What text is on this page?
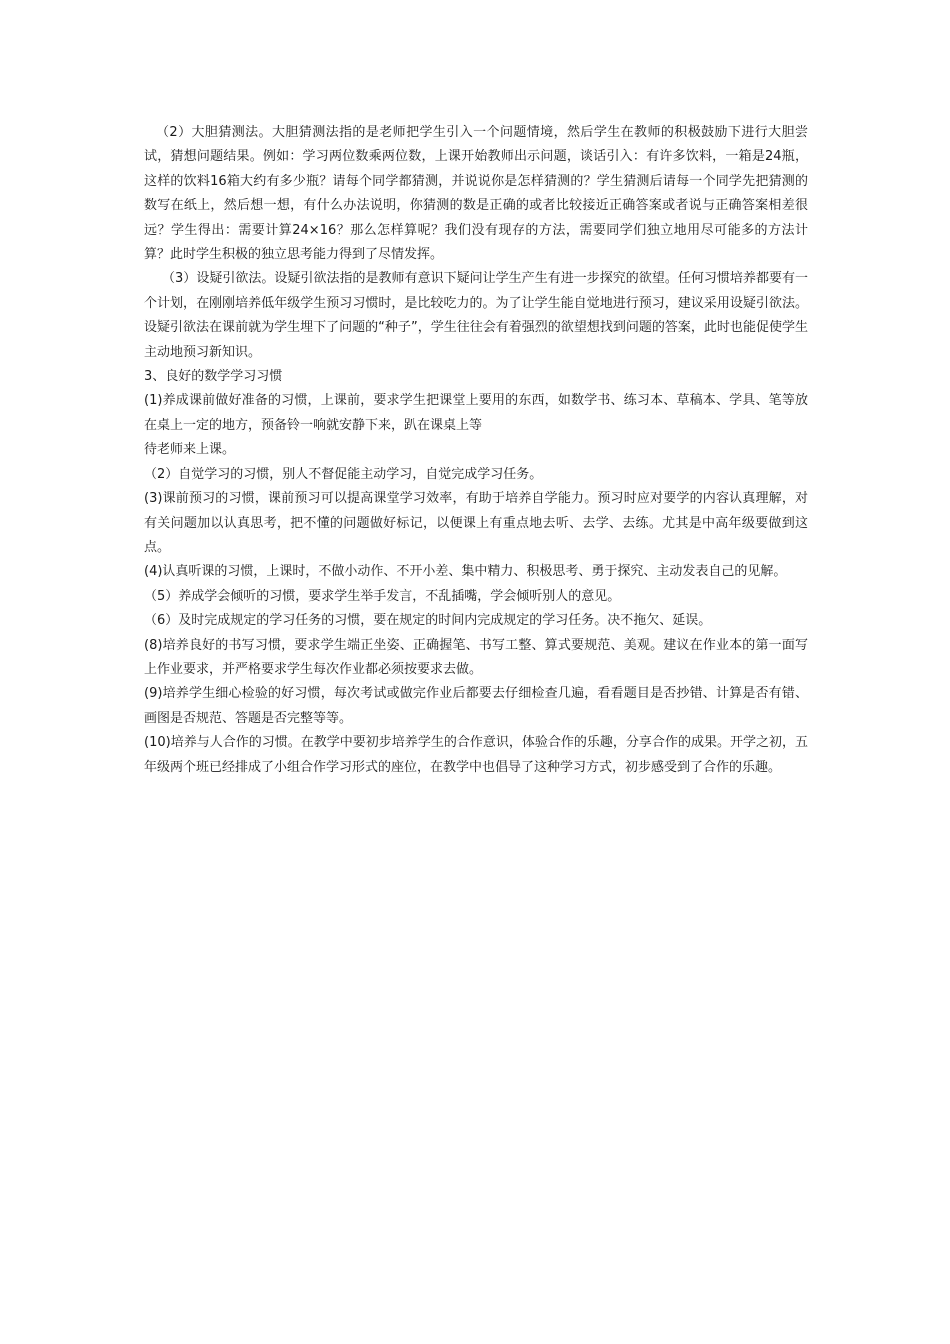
（2）大胆猜测法。大胆猜测法指的是老师把学生引入一个问题情境，然后学生在教师的积极鼓励下进行大胆尝试，猜想问题结果。例如：学习两位数乘两位数，上课开始教师出示问题，谈话引入：有许多饮料，一箱是24瓶，这样的饮料16箱大约有多少瓶？请每个同学都猜测，并说说你是怎样猜测的？学生猜测后请每一个同学先把猜测的数写在纸上，然后想一想，有什么办法说明，你猜测的数是正确的或者比较接近正确答案或者说与正确答案相差很远？学生得出：需要计算24×16？那么怎样算呢？我们没有现存的方法，需要同学们独立地用尽可能多的方法计算？此时学生积极的独立思考能力得到了尽情发挥。

（3）设疑引欲法。设疑引欲法指的是教师有意识下疑问让学生产生有进一步探究的欲望。任何习惯培养都要有一个计划，在刚刚培养低年级学生预习习惯时，是比较吃力的。为了让学生能自觉地进行预习，建议采用设疑引欲法。设疑引欲法在课前就为学生埋下了问题的“种子”，学生往往会有着强烈的欲望想找到问题的答案，此时也能促使学生主动地预习新知识。

3、良好的数学学习习惯

(1)养成课前做好准备的习惯，上课前，要求学生把课堂上要用的东西，如数学书、练习本、草稿本、学具、笔等放在桌上一定的地方，预备铃一响就安静下来，趴在课桌上等

待老师来上课。

（2）自觉学习的习惯，别人不督促能主动学习，自觉完成学习任务。

(3)课前预习的习惯，课前预习可以提高课堂学习效率，有助于培养自学能力。预习时应对要学的内容认真理解，对有关问题加以认真思考，把不懂的问题做好标记，以便课上有重点地去听、去学、去练。尤其是中高年级要做到这点。

(4)认真听课的习惯，上课时，不做小动作、不开小差、集中精力、积极思考、勇于探究、主动发表自己的见解。

（5）养成学会倾听的习惯，要求学生举手发言，不乱插嘴，学会倾听别人的意见。

（6）及时完成规定的学习任务的习惯，要在规定的时间内完成规定的学习任务。决不拖欠、延误。

(8)培养良好的书写习惯，要求学生端正坐姿、正确握笔、书写工整、算式要规范、美观。建议在作业本的第一面写上作业要求，并严格要求学生每次作业都必须按要求去做。

(9)培养学生细心检验的好习惯，每次考试或做完作业后都要去仔细检查几遍，看看题目是否抄错、计算是否有错、画图是否规范、答题是否完整等等。

(10)培养与人合作的习惯。在教学中要初步培养学生的合作意识，体验合作的乐趣，分享合作的成果。开学之初，五年级两个班已经排成了小组合作学习形式的座位，在教学中也倡导了这种学习方式，初步感受到了合作的乐趣。
